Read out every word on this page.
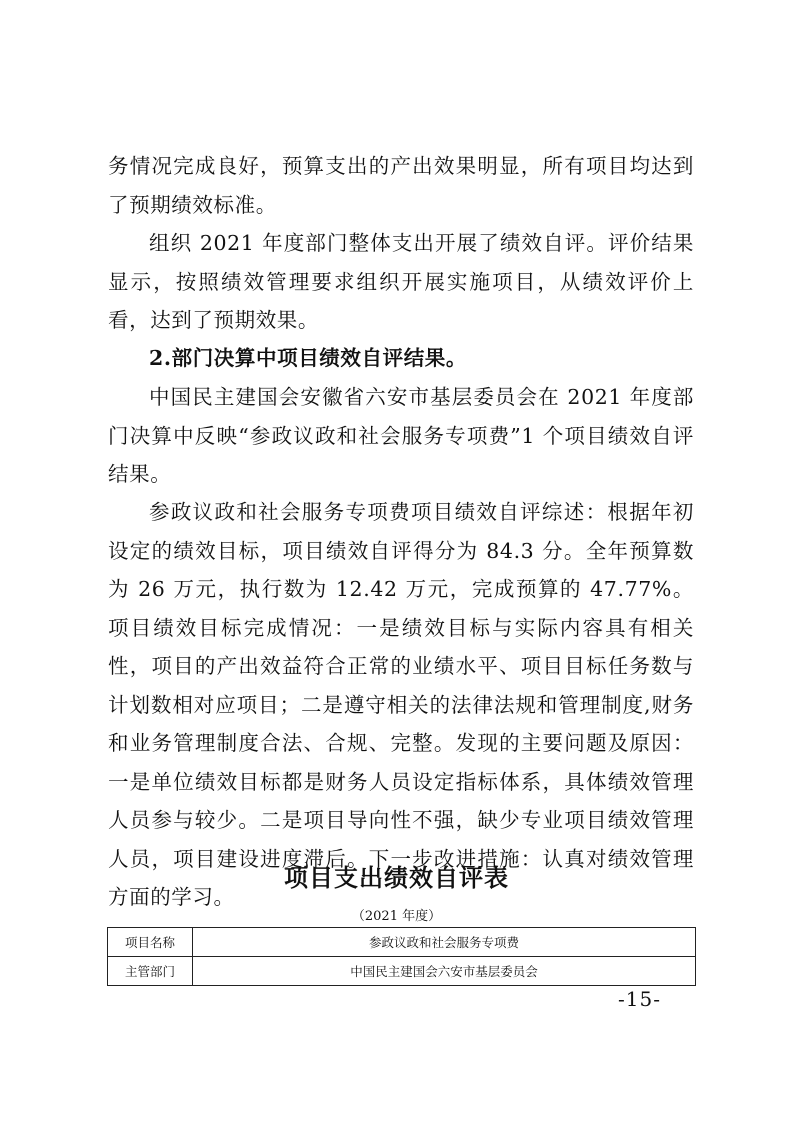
务情况完成良好，预算支出的产出效果明显，所有项目均达到了预期绩效标准。

组织 2021 年度部门整体支出开展了绩效自评。评价结果显示，按照绩效管理要求组织开展实施项目，从绩效评价上看，达到了预期效果。

2.部门决算中项目绩效自评结果。

中国民主建国会安徽省六安市基层委员会在 2021 年度部门决算中反映“参政议政和社会服务专项费”1 个项目绩效自评结果。

参政议政和社会服务专项费项目绩效自评综述：根据年初设定的绩效目标，项目绩效自评得分为 84.3 分。全年预算数为 26 万元，执行数为 12.42 万元，完成预算的 47.77%。项目绩效目标完成情况：一是绩效目标与实际内容具有相关性，项目的产出效益符合正常的业绩水平、项目目标任务数与计划数相对应项目；二是遵守相关的法律法规和管理制度,财务和业务管理制度合法、合规、完整。发现的主要问题及原因：一是单位绩效目标都是财务人员设定指标体系，具体绩效管理人员参与较少。二是项目导向性不强，缺少专业项目绩效管理人员，项目建设进度滞后。下一步改进措施：认真对绩效管理方面的学习。

项目支出绩效自评表
（2021 年度）
项目名称	参政议政和社会服务专项费
主管部门	中国民主建国会六安市基层委员会
-15-
